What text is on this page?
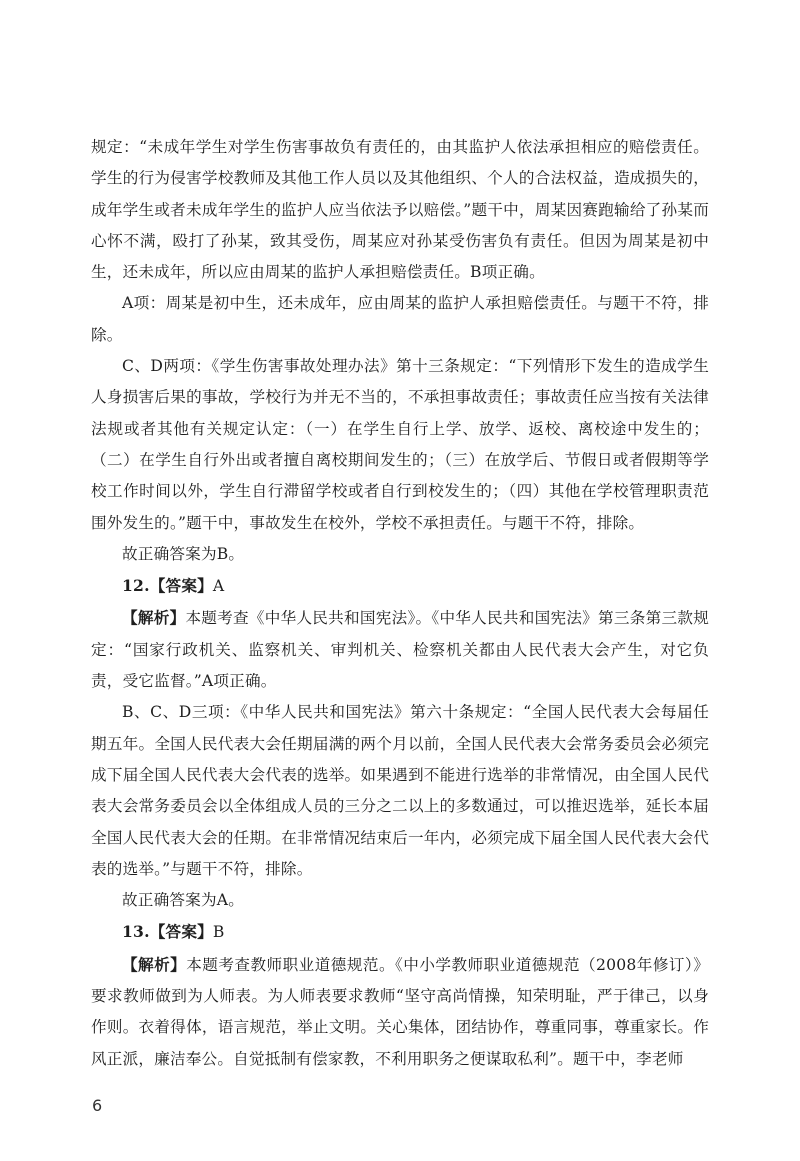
规定：“未成年学生对学生伤害事故负有责任的，由其监护人依法承担相应的赔偿责任。学生的行为侵害学校教师及其他工作人员以及其他组织、个人的合法权益，造成损失的，成年学生或者未成年学生的监护人应当依法予以赔偿。”题干中，周某因赛跑输给了孙某而心怀不满，殴打了孙某，致其受伤，周某应对孙某受伤害负有责任。但因为周某是初中生，还未成年，所以应由周某的监护人承担赔偿责任。B项正确。

A项：周某是初中生，还未成年，应由周某的监护人承担赔偿责任。与题干不符，排除。

C、D两项：《学生伤害事故处理办法》第十三条规定：“下列情形下发生的造成学生人身损害后果的事故，学校行为并无不当的，不承担事故责任；事故责任应当按有关法律法规或者其他有关规定认定：（一）在学生自行上学、放学、返校、离校途中发生的；（二）在学生自行外出或者擅自离校期间发生的；（三）在放学后、节假日或者假期等学校工作时间以外，学生自行滞留学校或者自行到校发生的；（四）其他在学校管理职责范围外发生的。”题干中，事故发生在校外，学校不承担责任。与题干不符，排除。

故正确答案为B。

12.【答案】A

【解析】本题考查《中华人民共和国宪法》。《中华人民共和国宪法》第三条第三款规定：“国家行政机关、监察机关、审判机关、检察机关都由人民代表大会产生，对它负责，受它监督。”A项正确。

B、C、D三项：《中华人民共和国宪法》第六十条规定：“全国人民代表大会每届任期五年。全国人民代表大会任期届满的两个月以前，全国人民代表大会常务委员会必须完成下届全国人民代表大会代表的选举。如果遇到不能进行选举的非常情况，由全国人民代表大会常务委员会以全体组成人员的三分之二以上的多数通过，可以推迟选举，延长本届全国人民代表大会的任期。在非常情况结束后一年内，必须完成下届全国人民代表大会代表的选举。”与题干不符，排除。

故正确答案为A。

13.【答案】B

【解析】本题考查教师职业道德规范。《中小学教师职业道德规范（2008年修订）》要求教师做到为人师表。为人师表要求教师“坚守高尚情操，知荣明耻，严于律己，以身作则。衣着得体，语言规范，举止文明。关心集体，团结协作，尊重同事，尊重家长。作风正派，廉洁奉公。自觉抵制有偿家教，不利用职务之便谋取私利”。题干中，李老师

6
